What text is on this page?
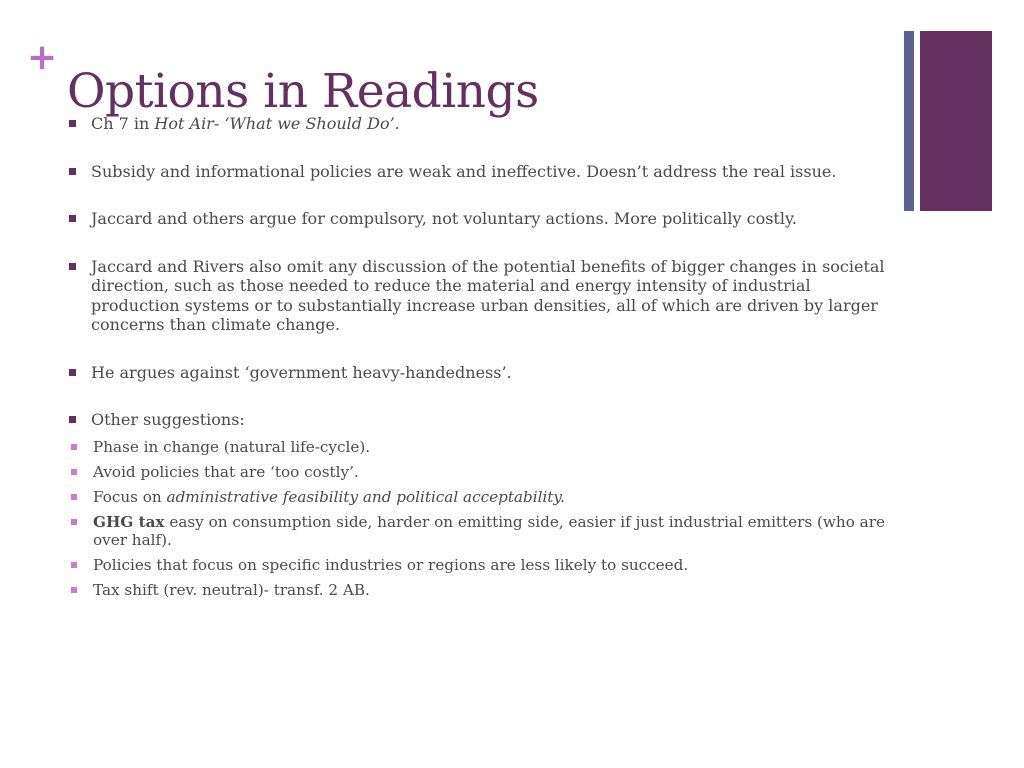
+
Options in Readings
Ch 7 in Hot Air- ‘What we Should Do’.
Subsidy and informational policies are weak and ineffective. Doesn’t address the real issue.
Jaccard and others argue for compulsory, not voluntary actions. More politically costly.
Jaccard and Rivers also omit any discussion of the potential benefits of bigger changes in societal direction, such as those needed to reduce the material and energy intensity of industrial production systems or to substantially increase urban densities, all of which are driven by larger concerns than climate change.
He argues against ‘government heavy-handedness’.
Other suggestions:
Phase in change (natural life-cycle).
Avoid policies that are ‘too costly’.
Focus on administrative feasibility and political acceptability.
GHG tax easy on consumption side, harder on emitting side, easier if just industrial emitters (who are over half).
Policies that focus on specific industries or regions are less likely to succeed.
Tax shift (rev. neutral)- transf. 2 AB.
